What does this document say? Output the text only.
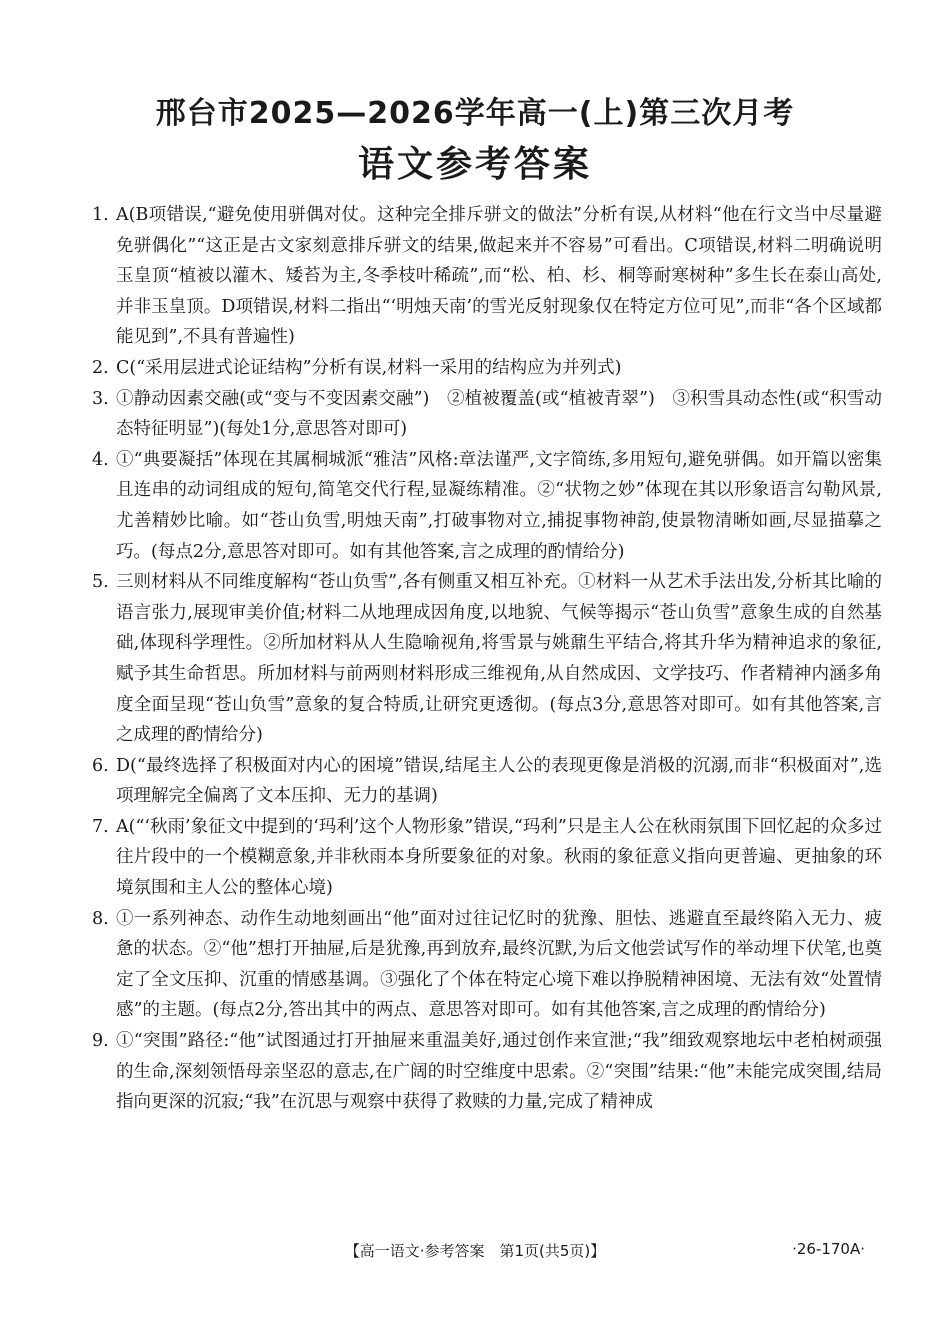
邢台市2025—2026学年高一(上)第三次月考
语文参考答案
1. A(B项错误,“避免使用骈偶对仗。这种完全排斥骈文的做法”分析有误,从材料“他在行文当中尽量避免骈偶化”“这正是古文家刻意排斥骈文的结果,做起来并不容易”可看出。C项错误,材料二明确说明玉皇顶“植被以灌木、矮苔为主,冬季枝叶稀疏”,而“松、柏、杉、桐等耐寒树种”多生长在泰山高处,并非玉皇顶。D项错误,材料二指出“‘明烛天南’的雪光反射现象仅在特定方位可见”,而非“各个区域都能见到”,不具有普遍性)
2. C(“采用层进式论证结构”分析有误,材料一采用的结构应为并列式)
3. ①静动因素交融(或“变与不变因素交融”)　②植被覆盖(或“植被青翠”)　③积雪具动态性(或“积雪动态特征明显”)(每处1分,意思答对即可)
4. ①“典要凝括”体现在其属桐城派“雅洁”风格:章法谨严,文字简练,多用短句,避免骈偶。如开篇以密集且连串的动词组成的短句,简笔交代行程,显凝练精准。②“状物之妙”体现在其以形象语言勾勒风景,尤善精妙比喻。如“苍山负雪,明烛天南”,打破事物对立,捕捉事物神韵,使景物清晰如画,尽显描摹之巧。(每点2分,意思答对即可。如有其他答案,言之成理的酌情给分)
5. 三则材料从不同维度解构“苍山负雪”,各有侧重又相互补充。①材料一从艺术手法出发,分析其比喻的语言张力,展现审美价值;材料二从地理成因角度,以地貌、气候等揭示“苍山负雪”意象生成的自然基础,体现科学理性。②所加材料从人生隐喻视角,将雪景与姚鼐生平结合,将其升华为精神追求的象征,赋予其生命哲思。所加材料与前两则材料形成三维视角,从自然成因、文学技巧、作者精神内涵多角度全面呈现“苍山负雪”意象的复合特质,让研究更透彻。(每点3分,意思答对即可。如有其他答案,言之成理的酌情给分)
6. D(“最终选择了积极面对内心的困境”错误,结尾主人公的表现更像是消极的沉溺,而非“积极面对”,选项理解完全偏离了文本压抑、无力的基调)
7. A(“‘秋雨’象征文中提到的‘玛利’这个人物形象”错误,“玛利”只是主人公在秋雨氛围下回忆起的众多过往片段中的一个模糊意象,并非秋雨本身所要象征的对象。秋雨的象征意义指向更普遍、更抽象的环境氛围和主人公的整体心境)
8. ①一系列神态、动作生动地刻画出“他”面对过往记忆时的犹豫、胆怯、逃避直至最终陷入无力、疲惫的状态。②“他”想打开抽屉,后是犹豫,再到放弃,最终沉默,为后文他尝试写作的举动埋下伏笔,也奠定了全文压抑、沉重的情感基调。③强化了个体在特定心境下难以挣脱精神困境、无法有效“处置情感”的主题。(每点2分,答出其中的两点、意思答对即可。如有其他答案,言之成理的酌情给分)
9. ①“突围”路径:“他”试图通过打开抽屉来重温美好,通过创作来宣泄;“我”细致观察地坛中老柏树顽强的生命,深刻领悟母亲坚忍的意志,在广阔的时空维度中思索。②“突围”结果:“他”未能完成突围,结局指向更深的沉寂;“我”在沉思与观察中获得了救赎的力量,完成了精神成
【高一语文·参考答案　第1页(共5页)】	·26-170A·
